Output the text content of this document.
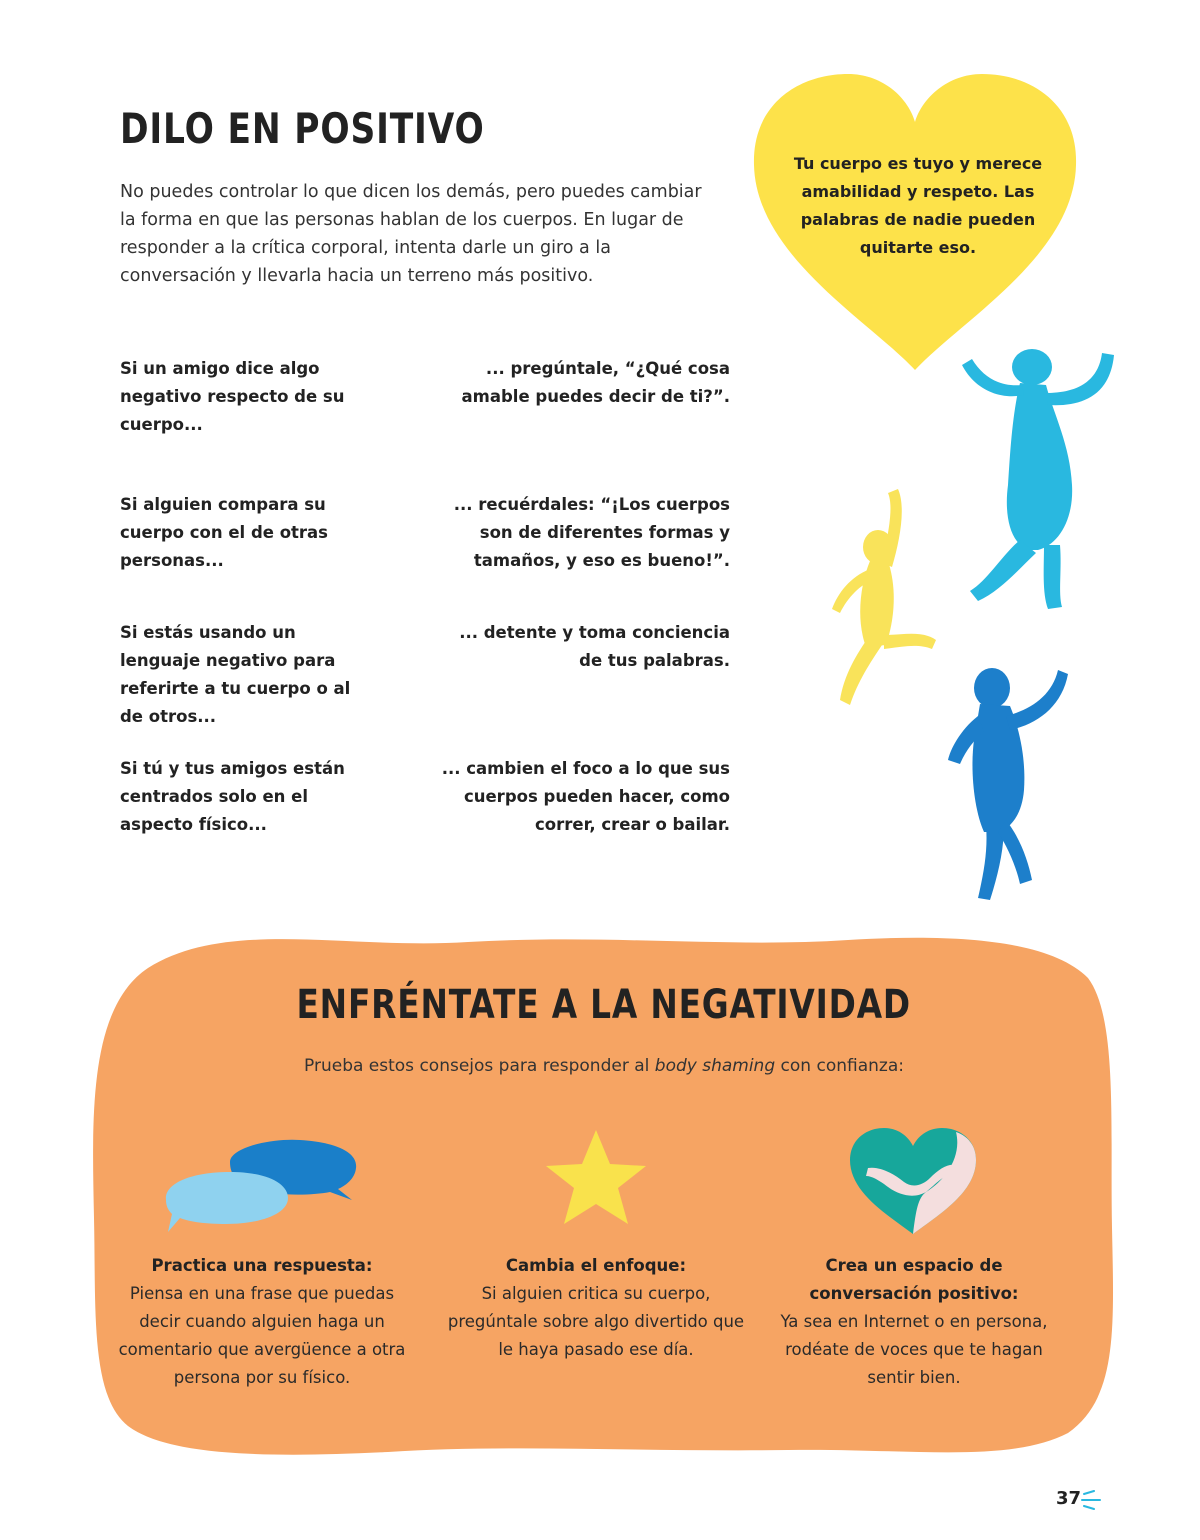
DILO EN POSITIVO

No puedes controlar lo que dicen los demás, pero puedes cambiar la forma en que las personas hablan de los cuerpos. En lugar de responder a la crítica corporal, intenta darle un giro a la conversación y llevarla hacia un terreno más positivo.

Tu cuerpo es tuyo y merece amabilidad y respeto. Las palabras de nadie pueden quitarte eso.
Si un amigo dice algo negativo respecto de su cuerpo...
... pregúntale, “¿Qué cosa amable puedes decir de ti?”.
Si alguien compara su cuerpo con el de otras personas...
... recuérdales: “¡Los cuerpos son de diferentes formas y tamaños, y eso es bueno!”.
Si estás usando un lenguaje negativo para referirte a tu cuerpo o al de otros...
... detente y toma conciencia de tus palabras.
Si tú y tus amigos están centrados solo en el aspecto físico...
... cambien el foco a lo que sus cuerpos pueden hacer, como correr, crear o bailar.
ENFRÉNTATE A LA NEGATIVIDAD

Prueba estos consejos para responder al body shaming con confianza:

Practica una respuesta:
Piensa en una frase que puedas decir cuando alguien haga un comentario que avergüence a otra persona por su físico.
Cambia el enfoque:
Si alguien critica su cuerpo, pregúntale sobre algo divertido que le haya pasado ese día.
Crea un espacio de conversación positivo:
Ya sea en Internet o en persona, rodéate de voces que te hagan sentir bien.
37
